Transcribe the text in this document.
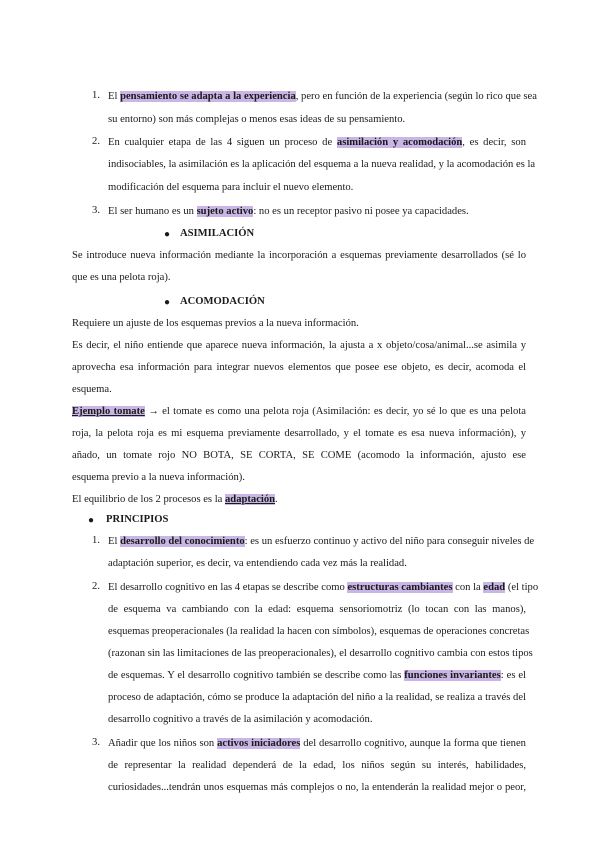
1. El pensamiento se adapta a la experiencia, pero en función de la experiencia (según lo rico que sea
su entorno) son más complejas o menos esas ideas de su pensamiento.
2. En cualquier etapa de las 4 siguen un proceso de asimilación y acomodación, es decir, son
indisociables, la asimilación es la aplicación del esquema a la nueva realidad, y la acomodación es la
modificación del esquema para incluir el nuevo elemento.
3. El ser humano es un sujeto activo: no es un receptor pasivo ni posee ya capacidades.
● ASIMILACIÓN
Se introduce nueva información mediante la incorporación a esquemas previamente desarrollados (sé lo
que es una pelota roja).
● ACOMODACIÓN
Requiere un ajuste de los esquemas previos a la nueva información.
Es decir, el niño entiende que aparece nueva información, la ajusta a x objeto/cosa/animal...se asimila y
aprovecha esa información para integrar nuevos elementos que posee ese objeto, es decir, acomoda el
esquema.
Ejemplo tomate → el tomate es como una pelota roja (Asimilación: es decir, yo sé lo que es una pelota
roja, la pelota roja es mi esquema previamente desarrollado, y el tomate es esa nueva información), y
añado, un tomate rojo NO BOTA, SE CORTA, SE COME (acomodo la información, ajusto ese
esquema previo a la nueva información).
El equilibrio de los 2 procesos es la adaptación.
● PRINCIPIOS
1. El desarrollo del conocimiento: es un esfuerzo continuo y activo del niño para conseguir niveles de
adaptación superior, es decir, va entendiendo cada vez más la realidad.
2. El desarrollo cognitivo en las 4 etapas se describe como estructuras cambiantes con la edad (el tipo
de esquema va cambiando con la edad: esquema sensoriomotriz (lo tocan con las manos),
esquemas preoperacionales (la realidad la hacen con símbolos), esquemas de operaciones concretas
(razonan sin las limitaciones de las preoperacionales), el desarrollo cognitivo cambia con estos tipos
de esquemas. Y el desarrollo cognitivo también se describe como las funciones invariantes: es el
proceso de adaptación, cómo se produce la adaptación del niño a la realidad, se realiza a través del
desarrollo cognitivo a través de la asimilación y acomodación.
3. Añadir que los niños son activos iniciadores del desarrollo cognitivo, aunque la forma que tienen
de representar la realidad dependerá de la edad, los niños según su interés, habilidades,
curiosidades...tendrán unos esquemas más complejos o no, la entenderán la realidad mejor o peor,
